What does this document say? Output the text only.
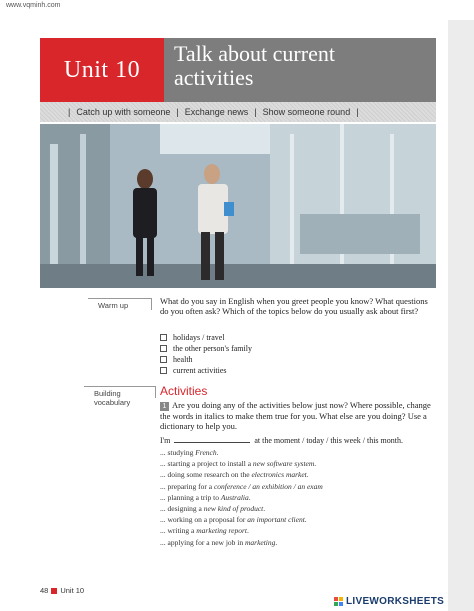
www.vqminh.com
Unit 10
Talk about current
activities
| Catch up with someone | Exchange news | Show someone round |
Warm up	What do you say in English when you greet people you know? What questions do you often ask? Which of the topics below do you usually ask about first?
holidays / travel
the other person's family
health
current activities
Building vocabulary
Activities
1 Are you doing any of the activities below just now? Where possible, change the words in italics to make them true for you. What else are you doing? Use a dictionary to help you.
I'm	at the moment / today / this week / this month.
... studying French.
... starting a project to install a new software system.
... doing some research on the electronics market.
... preparing for a conference / an exhibition / an exam
... planning a trip to Australia.
... designing a new kind of product.
... working on a proposal for an important client.
... writing a marketing report.
... applying for a new job in marketing.
48 Unit 10
LIVEWORKSHEETS
